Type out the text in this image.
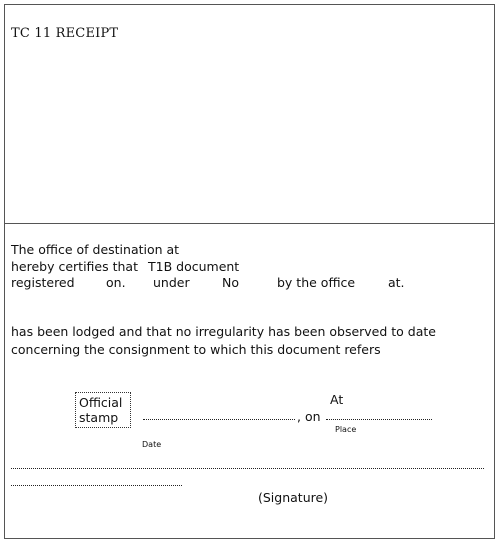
TC 11 RECEIPT
The office of destination at
hereby certifies that T1B document
registered	on. under	No	by the office	at.
has been lodged and that no irregularity has been observed to date
concerning the consignment to which this document refers
Official
stamp
At
, on
Place
Date
(Signature)
